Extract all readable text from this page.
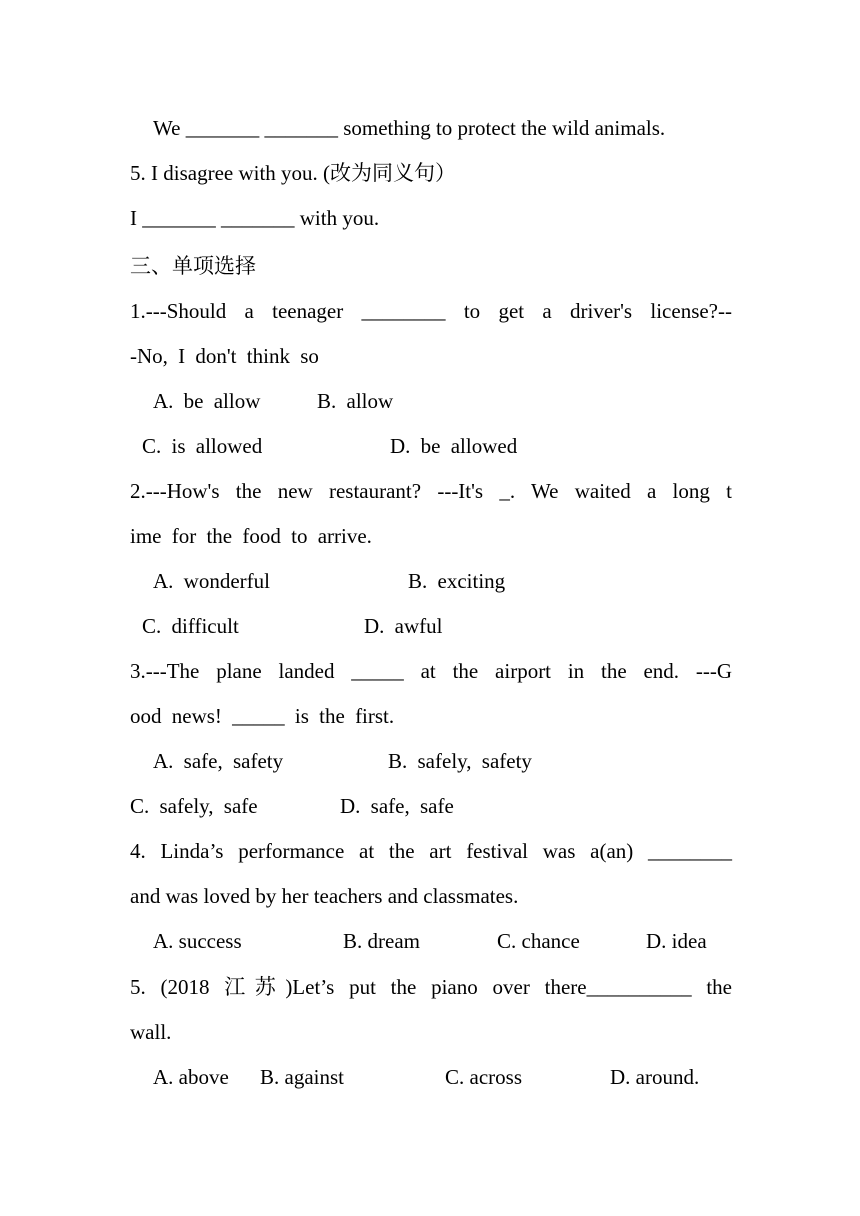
We _______ _______ something to protect the wild animals.
5. I disagree with you. (改为同义句）
I _______ _______ with you.
三、单项选择
1.---Should a teenager ________ to get a driver's license?--
-No, I don't think so
A. be allow	B. allow
C. is allowed	D. be allowed
2.---How's the new restaurant? ---It's _. We waited a long t
ime for the food to arrive.
A. wonderful	B. exciting
C. difficult	D. awful
3.---The plane landed _____ at the airport in the end. ---G
ood news! _____ is the first.
A. safe, safety	B. safely, safety
C. safely, safe	D. safe, safe
4. Linda’s performance at the art festival was a(an) ________
and was loved by her teachers and classmates.
A. success	B. dream	C. chance	D. idea
5. (2018 江苏)Let’s put the piano over there__________ the
wall.
A. above B. against	C. across	D. around.
